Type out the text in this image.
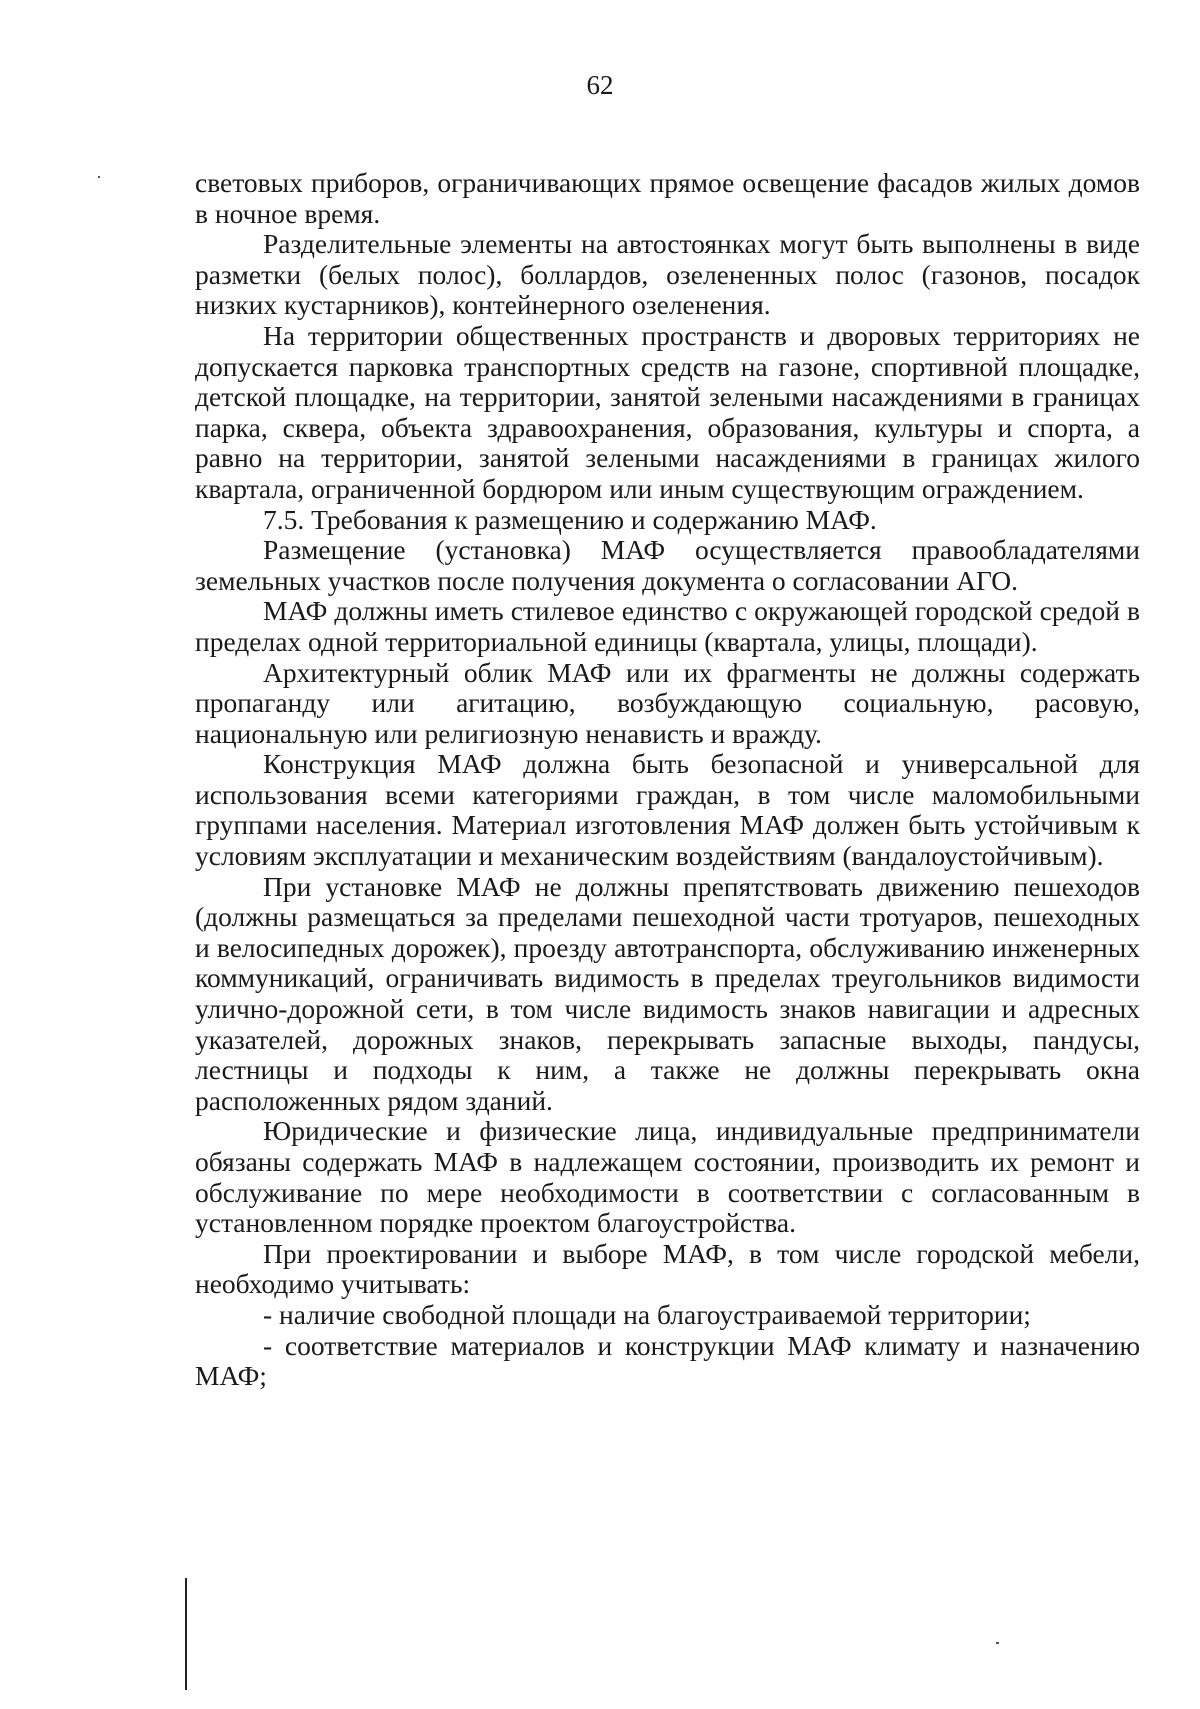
62

световых приборов, ограничивающих прямое освещение фасадов жилых домов в ночное время.

Разделительные элементы на автостоянках могут быть выполнены в виде разметки (белых полос), боллардов, озелененных полос (газонов, посадок низких кустарников), контейнерного озеленения.

На территории общественных пространств и дворовых территориях не допускается парковка транспортных средств на газоне, спортивной площадке, детской площадке, на территории, занятой зелеными насаждениями в границах парка, сквера, объекта здравоохранения, образования, культуры и спорта, а равно на территории, занятой зелеными насаждениями в границах жилого квартала, ограниченной бордюром или иным существующим ограждением.

7.5. Требования к размещению и содержанию МАФ.

Размещение (установка) МАФ осуществляется правообладателями земельных участков после получения документа о согласовании АГО.

МАФ должны иметь стилевое единство с окружающей городской средой в пределах одной территориальной единицы (квартала, улицы, площади).

Архитектурный облик МАФ или их фрагменты не должны содержать пропаганду или агитацию, возбуждающую социальную, расовую, национальную или религиозную ненависть и вражду.

Конструкция МАФ должна быть безопасной и универсальной для использования всеми категориями граждан, в том числе маломобильными группами населения. Материал изготовления МАФ должен быть устойчивым к условиям эксплуатации и механическим воздействиям (вандалоустойчивым).

При установке МАФ не должны препятствовать движению пешеходов (должны размещаться за пределами пешеходной части тротуаров, пешеходных и велосипедных дорожек), проезду автотранспорта, обслуживанию инженерных коммуникаций, ограничивать видимость в пределах треугольников видимости улично-дорожной сети, в том числе видимость знаков навигации и адресных указателей, дорожных знаков, перекрывать запасные выходы, пандусы, лестницы и подходы к ним, а также не должны перекрывать окна расположенных рядом зданий.

Юридические и физические лица, индивидуальные предприниматели обязаны содержать МАФ в надлежащем состоянии, производить их ремонт и обслуживание по мере необходимости в соответствии с согласованным в установленном порядке проектом благоустройства.

При проектировании и выборе МАФ, в том числе городской мебели, необходимо учитывать:

- наличие свободной площади на благоустраиваемой территории;

- соответствие материалов и конструкции МАФ климату и назначению МАФ;
